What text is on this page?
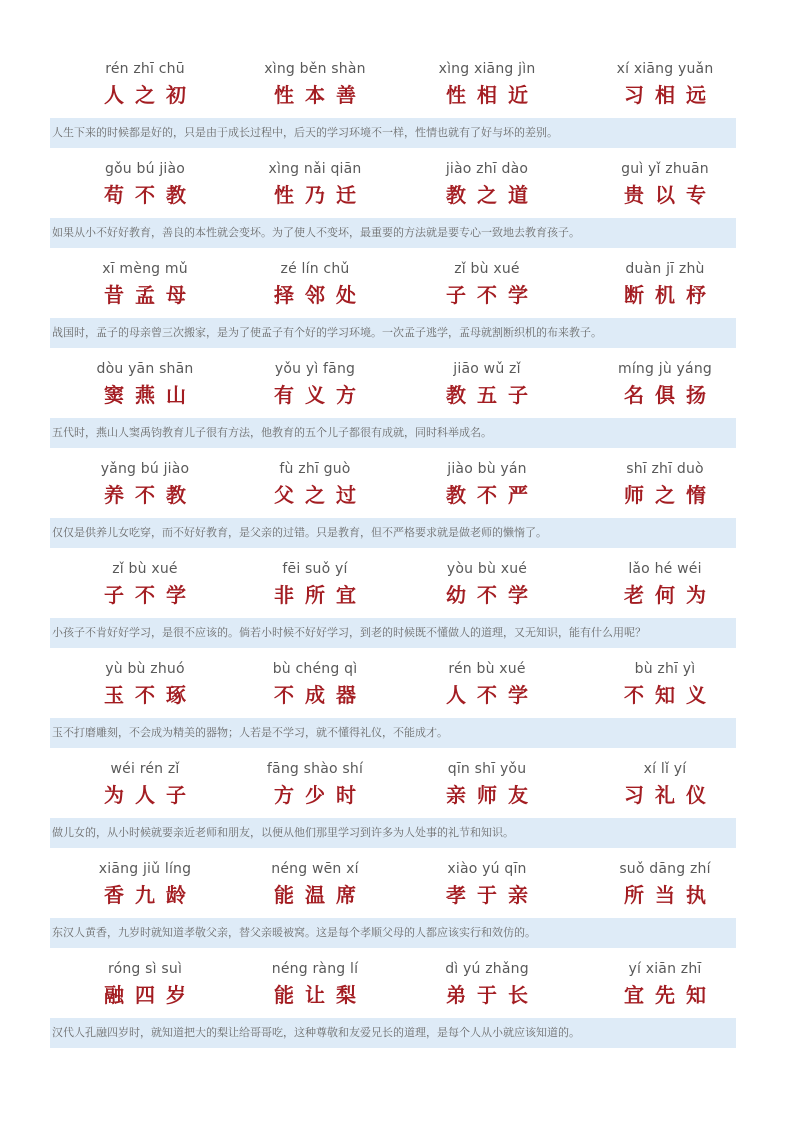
rén zhī chū
人之初
xìng běn shàn
性本善
xìng xiāng jìn
性相近
xí xiāng yuǎn
习相远
人生下来的时候都是好的，只是由于成长过程中，后天的学习环境不一样，性情也就有了好与坏的差别。
gǒu bú jiào
苟不教
xìng nǎi qiān
性乃迁
jiào zhī dào
教之道
guì yǐ zhuān
贵以专
如果从小不好好教育，善良的本性就会变坏。为了使人不变坏，最重要的方法就是要专心一致地去教育孩子。
xī mèng mǔ
昔孟母
zé lín chǔ
择邻处
zǐ bù xué
子不学
duàn jī zhù
断机杼
战国时，孟子的母亲曾三次搬家，是为了使孟子有个好的学习环境。一次孟子逃学，孟母就割断织机的布来教子。
dòu yān shān
窦燕山
yǒu yì fāng
有义方
jiāo wǔ zǐ
教五子
míng jù yáng
名俱扬
五代时，燕山人窦禹钧教育儿子很有方法，他教育的五个儿子都很有成就，同时科举成名。
yǎng bú jiào
养不教
fù zhī guò
父之过
jiào bù yán
教不严
shī zhī duò
师之惰
仅仅是供养儿女吃穿，而不好好教育，是父亲的过错。只是教育，但不严格要求就是做老师的懒惰了。
zǐ bù xué
子不学
fēi suǒ yí
非所宜
yòu bù xué
幼不学
lǎo hé wéi
老何为
小孩子不肯好好学习，是很不应该的。倘若小时候不好好学习，到老的时候既不懂做人的道理，又无知识，能有什么用呢？
yù bù zhuó
玉不琢
bù chéng qì
不成器
rén bù xué
人不学
bù zhī yì
不知义
玉不打磨雕刻，不会成为精美的器物；人若是不学习，就不懂得礼仪，不能成才。
wéi rén zǐ
为人子
fāng shào shí
方少时
qīn shī yǒu
亲师友
xí lǐ yí
习礼仪
做儿女的，从小时候就要亲近老师和朋友，以便从他们那里学习到许多为人处事的礼节和知识。
xiāng jiǔ líng
香九龄
néng wēn xí
能温席
xiào yú qīn
孝于亲
suǒ dāng zhí
所当执
东汉人黄香，九岁时就知道孝敬父亲，替父亲暖被窝。这是每个孝顺父母的人都应该实行和效仿的。
róng sì suì
融四岁
néng ràng lí
能让梨
dì yú zhǎng
弟于长
yí xiān zhī
宜先知
汉代人孔融四岁时，就知道把大的梨让给哥哥吃，这种尊敬和友爱兄长的道理，是每个人从小就应该知道的。
